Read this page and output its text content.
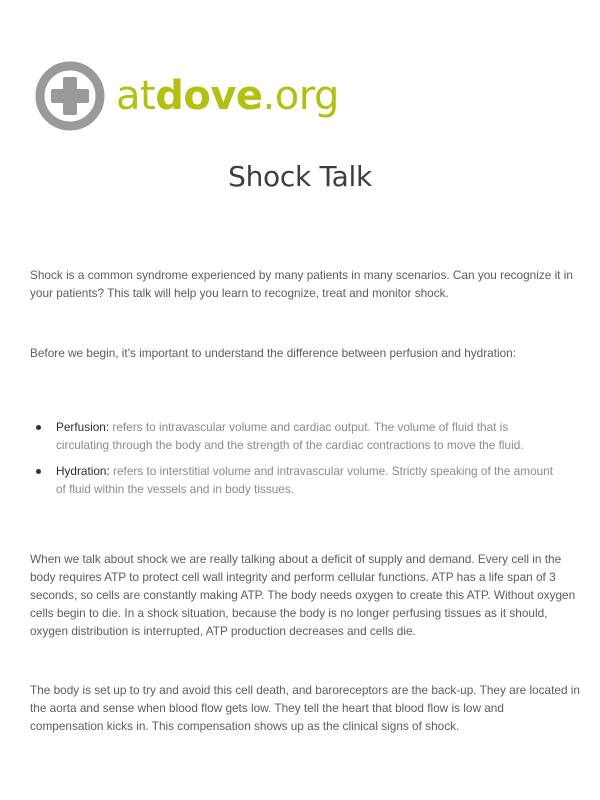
atdove.org
Shock Talk

Shock is a common syndrome experienced by many patients in many scenarios. Can you recognize it in your patients? This talk will help you learn to recognize, treat and monitor shock.

Before we begin, it's important to understand the difference between perfusion and hydration:

Perfusion: refers to intravascular volume and cardiac output. The volume of fluid that is circulating through the body and the strength of the cardiac contractions to move the fluid.
Hydration: refers to interstitial volume and intravascular volume. Strictly speaking of the amount of fluid within the vessels and in body tissues.

When we talk about shock we are really talking about a deficit of supply and demand. Every cell in the body requires ATP to protect cell wall integrity and perform cellular functions. ATP has a life span of 3 seconds, so cells are constantly making ATP. The body needs oxygen to create this ATP. Without oxygen cells begin to die. In a shock situation, because the body is no longer perfusing tissues as it should, oxygen distribution is interrupted, ATP production decreases and cells die.

The body is set up to try and avoid this cell death, and baroreceptors are the back-up. They are located in the aorta and sense when blood flow gets low. They tell the heart that blood flow is low and compensation kicks in. This compensation shows up as the clinical signs of shock.
